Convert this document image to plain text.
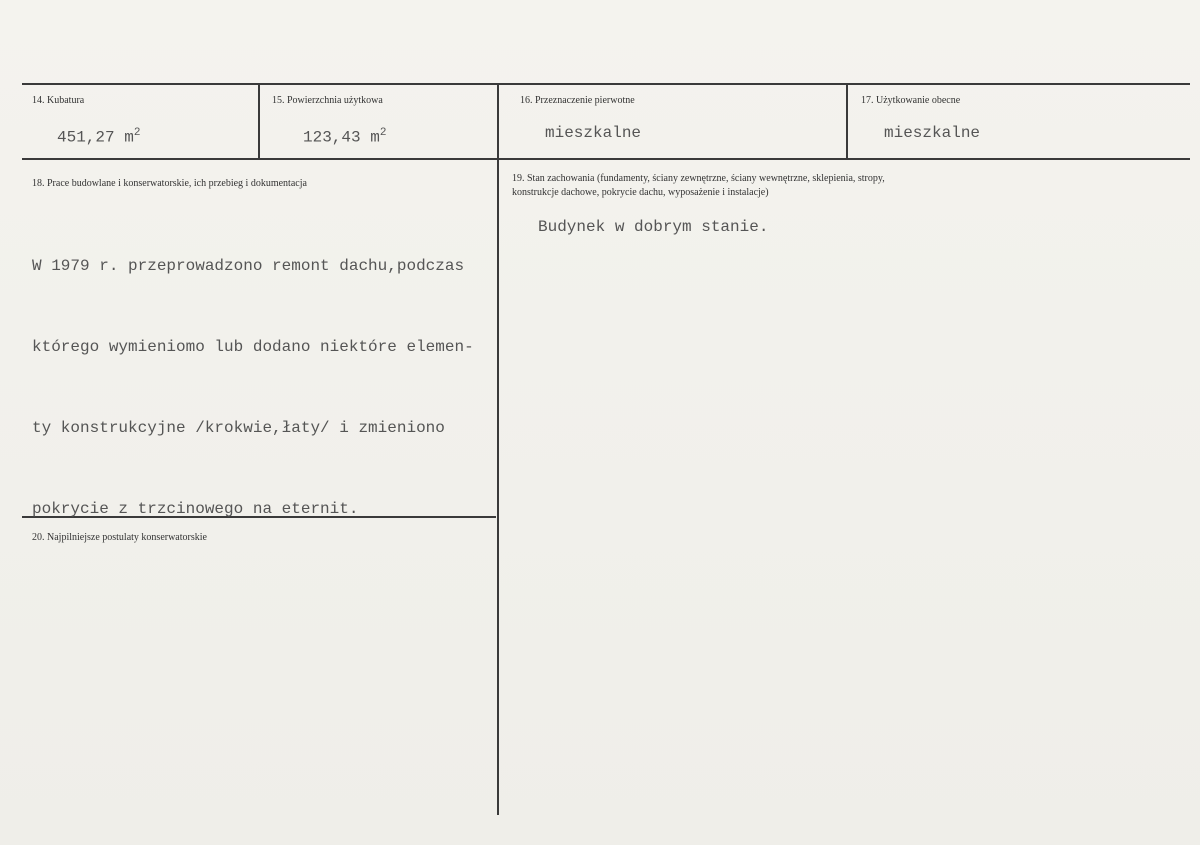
14. Kubatura
451,27 $m^2$
15. Powierzchnia użytkowa
123,43 $m^2$
16. Przeznaczenie pierwotne
mieszkalne
17. Użytkowanie obecne
mieszkalne
18. Prace budowlane i konserwatorskie, ich przebieg i dokumentacja

W 1979 r. przeprowadzono remont dachu,podczas

którego wymieniomo lub dodano niektóre elemen-

ty konstrukcyjne /krokwie,łaty/ i zmieniono

pokrycie z trzcinowego na eternit.

19. Stan zachowania (fundamenty, ściany zewnętrzne, ściany wewnętrzne, sklepienia, stropy,
konstrukcje dachowe, pokrycie dachu, wyposażenie i instalacje)
Budynek w dobrym stanie.
20. Najpilniejsze postulaty konserwatorskie
